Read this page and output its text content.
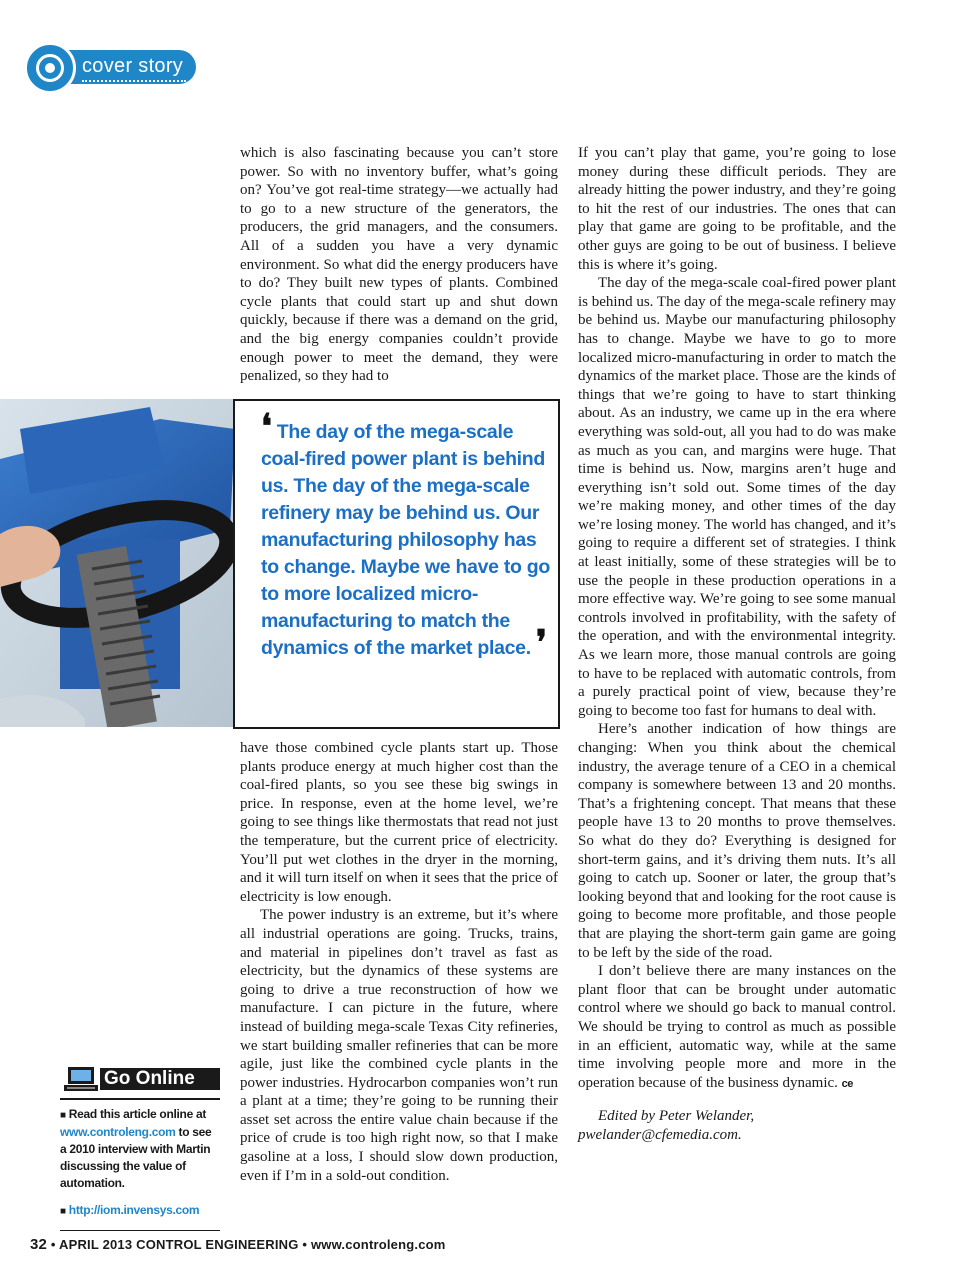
cover story

which is also fascinating because you can’t store power. So with no inventory buffer, what’s going on? You’ve got real-time strategy—we actually had to go to a new structure of the generators, the producers, the grid managers, and the consumers. All of a sudden you have a very dynamic environment. So what did the energy producers have to do? They built new types of plants. Combined cycle plants that could start up and shut down quickly, because if there was a demand on the grid, and the big energy companies couldn’t provide enough power to meet the demand, they were penalized, so they had to

❛ The day of the mega-scale coal-fired power plant is behind us. The day of the mega-scale refinery may be behind us. Our manufacturing philosophy has to change. Maybe we have to go to more localized micro-manufacturing to match the dynamics of the market place. ❜

have those combined cycle plants start up. Those plants produce energy at much higher cost than the coal-fired plants, so you see these big swings in price. In response, even at the home level, we’re going to see things like thermostats that read not just the temperature, but the current price of electricity. You’ll put wet clothes in the dryer in the morning, and it will turn itself on when it sees that the price of electricity is low enough.

The power industry is an extreme, but it’s where all industrial operations are going. Trucks, trains, and material in pipelines don’t travel as fast as electricity, but the dynamics of these systems are going to drive a true reconstruction of how we manufacture. I can picture in the future, where instead of building mega-scale Texas City refineries, we start building smaller refineries that can be more agile, just like the combined cycle plants in the power industries. Hydrocarbon companies won’t run a plant at a time; they’re going to be running their asset set across the entire value chain because if the price of crude is too high right now, so that I make gasoline at a loss, I should slow down production, even if I’m in a sold-out condition.

If you can’t play that game, you’re going to lose money during these difficult periods. They are already hitting the power industry, and they’re going to hit the rest of our industries. The ones that can play that game are going to be profitable, and the other guys are going to be out of business. I believe this is where it’s going.

The day of the mega-scale coal-fired power plant is behind us. The day of the mega-scale refinery may be behind us. Maybe our manufacturing philosophy has to change. Maybe we have to go to more localized micro-manufacturing in order to match the dynamics of the market place. Those are the kinds of things that we’re going to have to start thinking about. As an industry, we came up in the era where everything was sold-out, all you had to do was make as much as you can, and margins were huge. That time is behind us. Now, margins aren’t huge and everything isn’t sold out. Some times of the day we’re making money, and other times of the day we’re losing money. The world has changed, and it’s going to require a different set of strategies. I think at least initially, some of these strategies will be to use the people in these production operations in a more effective way. We’re going to see some manual controls involved in profitability, with the safety of the operation, and with the environmental integrity. As we learn more, those manual controls are going to have to be replaced with automatic controls, from a purely practical point of view, because they’re going to become too fast for humans to deal with.

Here’s another indication of how things are changing: When you think about the chemical industry, the average tenure of a CEO in a chemical company is somewhere between 13 and 20 months. That’s a frightening concept. That means that these people have 13 to 20 months to prove themselves. So what do they do? Everything is designed for short-term gains, and it’s driving them nuts. It’s all going to catch up. Sooner or later, the group that’s looking beyond that and looking for the root cause is going to become more profitable, and those people that are playing the short-term gain game are going to be left by the side of the road.

I don’t believe there are many instances on the plant floor that can be brought under automatic control where we should go back to manual control. We should be trying to control as much as possible in an efficient, automatic way, while at the same time involving people more and more in the operation because of the business dynamic. ce

Edited by Peter Welander, pwelander@cfemedia.com.

Go Online

■ Read this article online at www.controleng.com to see a 2010 interview with Martin discussing the value of automation.

■ http://iom.invensys.com

32 • APRIL 2013 CONTROL ENGINEERING • www.controleng.com
